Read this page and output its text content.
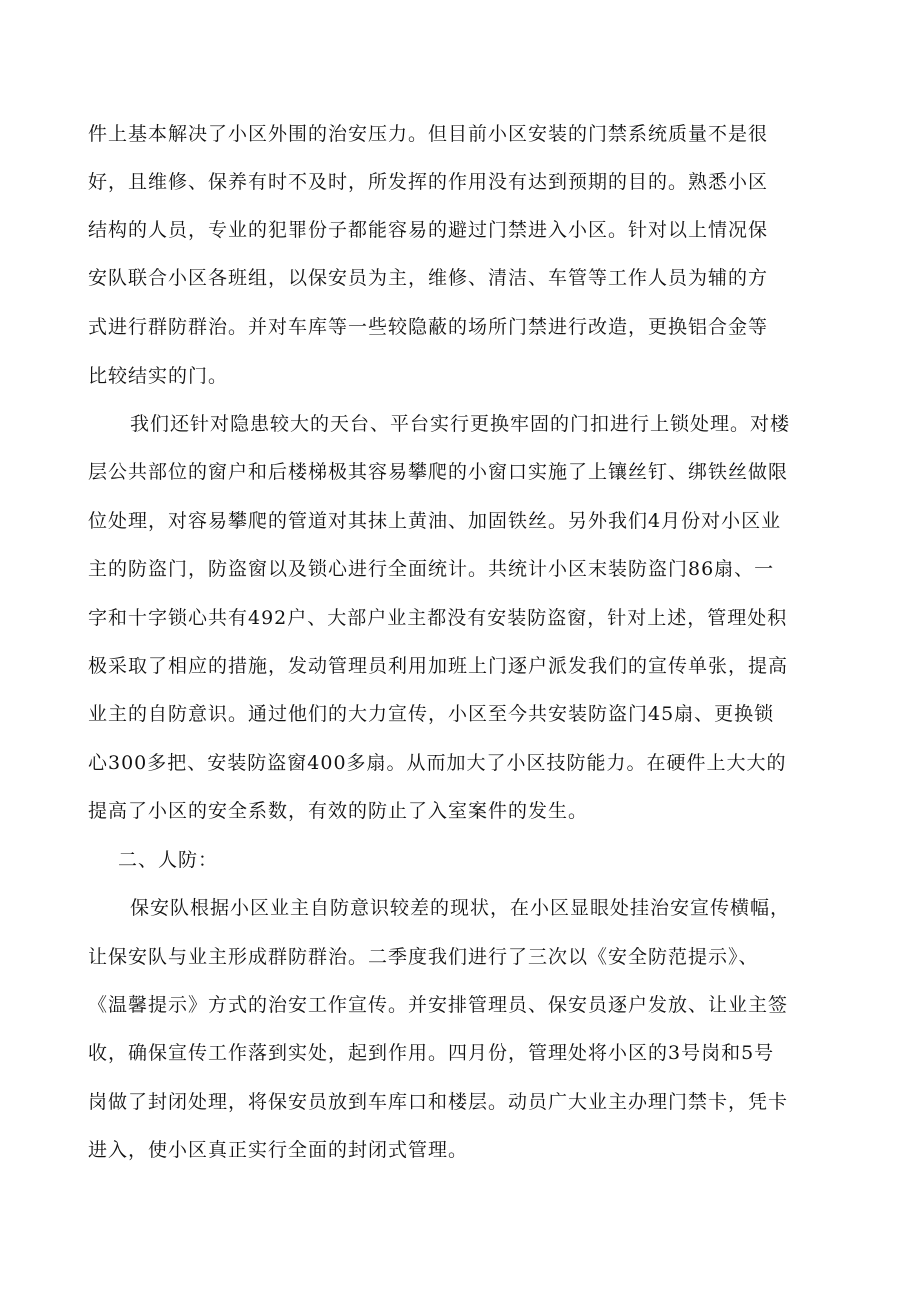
件上基本解决了小区外围的治安压力。但目前小区安装的门禁系统质量不是很
好，且维修、保养有时不及时，所发挥的作用没有达到预期的目的。熟悉小区
结构的人员，专业的犯罪份子都能容易的避过门禁进入小区。针对以上情况保
安队联合小区各班组，以保安员为主，维修、清洁、车管等工作人员为辅的方
式进行群防群治。并对车库等一些较隐蔽的场所门禁进行改造，更换铝合金等
比较结实的门。
我们还针对隐患较大的天台、平台实行更换牢固的门扣进行上锁处理。对楼
层公共部位的窗户和后楼梯极其容易攀爬的小窗口实施了上镶丝钉、绑铁丝做限
位处理，对容易攀爬的管道对其抹上黄油、加固铁丝。另外我们4月份对小区业
主的防盗门，防盗窗以及锁心进行全面统计。共统计小区末装防盗门86扇、一
字和十字锁心共有492户、大部户业主都没有安装防盗窗，针对上述，管理处积
极采取了相应的措施，发动管理员利用加班上门逐户派发我们的宣传单张，提高
业主的自防意识。通过他们的大力宣传，小区至今共安装防盗门45扇、更换锁
心300多把、安装防盗窗400多扇。从而加大了小区技防能力。在硬件上大大的
提高了小区的安全系数，有效的防止了入室案件的发生。
二、人防：
保安队根据小区业主自防意识较差的现状，在小区显眼处挂治安宣传横幅，
让保安队与业主形成群防群治。二季度我们进行了三次以《安全防范提示》、
《温馨提示》方式的治安工作宣传。并安排管理员、保安员逐户发放、让业主签
收，确保宣传工作落到实处，起到作用。四月份，管理处将小区的3号岗和5号
岗做了封闭处理，将保安员放到车库口和楼层。动员广大业主办理门禁卡，凭卡
进入，使小区真正实行全面的封闭式管理。
